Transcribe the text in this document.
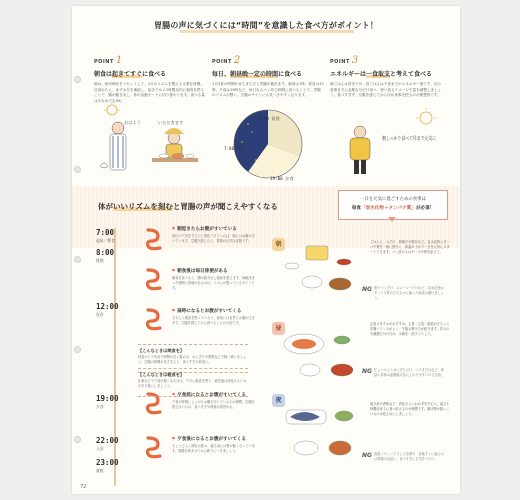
胃腸の声に気づくには“時間”を意識した食べ方がポイント！
POINT 1
朝食は起きてすぐに食べる
朝は、体内時計をリセットして、1日のリズムを整える大事な時間。目覚めたら、まず水分を補給し、起きてから1時間以内に朝食を摂ることで、腸が動き出し、体が活動モードに切り替わります。食べる量は少なめでもOK。
POINT 2
毎日、朝昼晩一定の時間に食べる
1日3食の時間がまちまちだと胃腸が疲れます。朝食は7時、昼食は12時、夕食は19時など、毎日なるべく同じ時間に食べることで、胃腸のリズムが整い、空腹のサインにも気づきやすくなります。
POINT 3
エネルギーは一食取支と考えて食べる
朝ごはんは昼までの、昼ごはんは夕食までのエネルギー源です。次の食事までに必要な分だけ食べ、使い切るイメージで量を調整しましょう。食べすぎず、空腹を感じてから次の食事を摂るのが理想的です。
おはよう	いただきます
12:00 昼食
7:00 朝食
19:00 夕食
朝しっかり食べて昼まで元気に
体がいいリズムを刻むと胃腸の声が聞こえやすくなる
一日を元気に過ごすための食事は
毎食「炭水化物＋タンパク質」が必須！
7:00
起床／朝食
8:00
排便
12:00
昼食
19:00
夕食
22:00
入浴
23:00
就寝
● 朝起きたらお腹がすいている
前日の夕食をきちんと消化できていれば、朝にはお腹が空いています。空腹を感じたら、胃腸が元気な証拠です。
● 朝食後は毎日排便がある
朝食を食べると、腸が動き出し便意を感じます。毎朝決まった時間に排便があるのは、リズムが整っているサインです。
● 昼時になるとお腹がすいてくる
きちんと朝食を摂っていると、昼前には自然とお腹が空きます。空腹を感じてから食べることが大切です。
● 夕食前になるとお腹がすいてくる
夕食の時間にしっかりお腹が空いているのが理想。空腹を感じないのは、食べすぎや間食が原因かも。
● 夕食後になるとお腹がすいてくる
ちょうどよく消化が進み、寝る前には胃が軽くなっています。胃腸を休ませてから眠りにつきましょう。
【こんなときは間食を】
昼食から夕食まで時間が空く場合は、おにぎりや果物などで軽く補いましょう。空腹の時間が長すぎると、食べすぎの原因に。
【こんなときは軽食を】
仕事などで夕食が遅くなる日は、夕方に軽食を摂り、帰宅後は消化のよいものを少量にしましょう。
朝
昼
夜
ごはんに、みそ汁、卵焼きや納豆など。炭水化物とタンパク質を一緒に摂ると、体温が上がり一日を元気にスタートできます。パン派の人はチーズや卵を添えて。
NG 菓子パンだけ、スムージーだけなど、炭水化物かタンパク質のどちらかに偏った朝食は避けましょう。
定食スタイルがおすすめ。主食・主菜・副菜がそろうと栄養バランスがよく、午後も集中力が続きます。丼ものや麺類だけの日は、小鉢を一品プラスして。
NG 忙しいからとおにぎりだけ、パスタだけなど、単品の食事は血糖値が急に上がりやすいので注意。
焼き魚や煮物など、消化のよいおかずを中心に。寝る3時間前までに食べ終えるのが理想です。揚げ物や脂っこいものは控えめにしましょう。
NG 夜遅くのこってりした食事や、食後すぐに寝るのは胃腸の負担に。食べすぎにも気をつけて。
72
